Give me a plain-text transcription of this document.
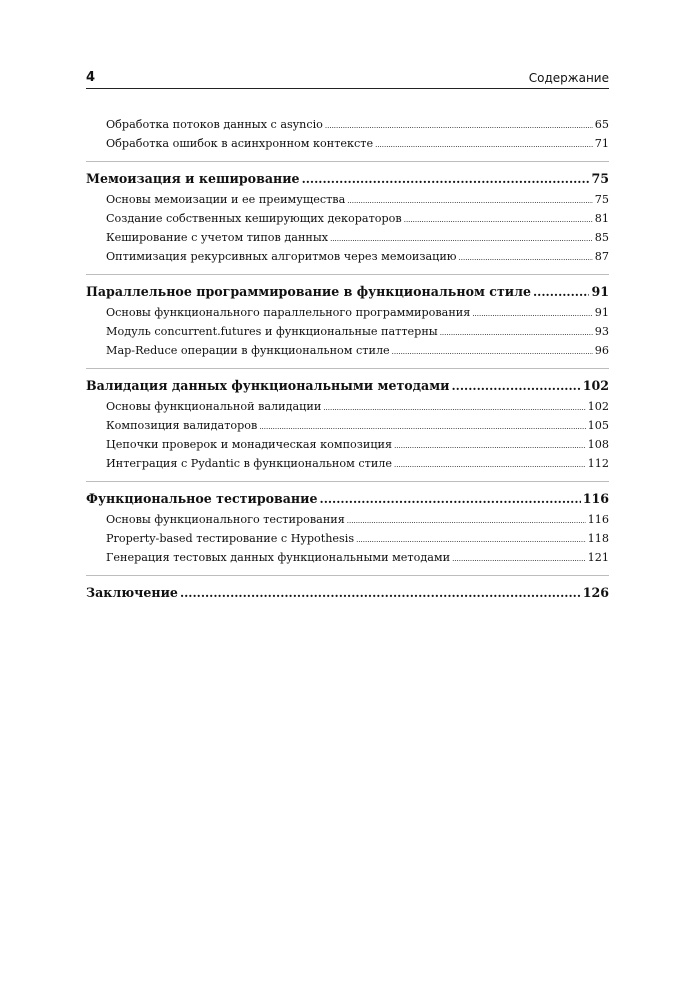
4	Содержание
Обработка потоков данных с asyncio .....	65
Обработка ошибок в асинхронном контексте .....	71
Мемоизация и кеширование .....	75
Основы мемоизации и ее преимущества .....	75
Создание собственных кеширующих декораторов .....	81
Кеширование с учетом типов данных .....	85
Оптимизация рекурсивных алгоритмов через мемоизацию .....	87
Параллельное программирование в функциональном стиле .....	91
Основы функционального параллельного программирования .....	91
Модуль concurrent.futures и функциональные паттерны .....	93
Map-Reduce операции в функциональном стиле .....	96
Валидация данных функциональными методами .....	102
Основы функциональной валидации .....	102
Композиция валидаторов .....	105
Цепочки проверок и монадическая композиция .....	108
Интеграция с Pydantic в функциональном стиле .....	112
Функциональное тестирование .....	116
Основы функционального тестирования .....	116
Property-based тестирование с Hypothesis .....	118
Генерация тестовых данных функциональными методами .....	121
Заключение .....	126
